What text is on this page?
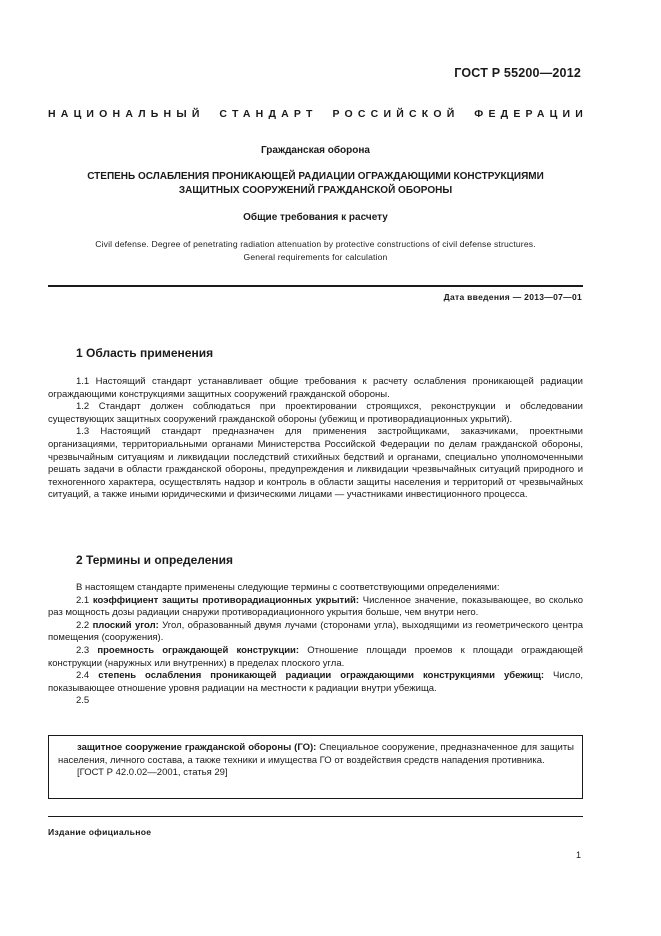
ГОСТ Р 55200—2012
НАЦИОНАЛЬНЫЙ СТАНДАРТ РОССИЙСКОЙ ФЕДЕРАЦИИ
Гражданская оборона
СТЕПЕНЬ ОСЛАБЛЕНИЯ ПРОНИКАЮЩЕЙ РАДИАЦИИ ОГРАЖДАЮЩИМИ КОНСТРУКЦИЯМИ
ЗАЩИТНЫХ СООРУЖЕНИЙ ГРАЖДАНСКОЙ ОБОРОНЫ
Общие требования к расчету
Civil defense. Degree of penetrating radiation attenuation by protective constructions of civil defense structures.
General requirements for calculation
Дата введения — 2013—07—01
1 Область применения

1.1 Настоящий стандарт устанавливает общие требования к расчету ослабления проникающей радиации ограждающими конструкциями защитных сооружений гражданской обороны.

1.2 Стандарт должен соблюдаться при проектировании строящихся, реконструкции и обследовании существующих защитных сооружений гражданской обороны (убежищ и противорадиационных укрытий).

1.3 Настоящий стандарт предназначен для применения застройщиками, заказчиками, проектными организациями, территориальными органами Министерства Российской Федерации по делам гражданской обороны, чрезвычайным ситуациям и ликвидации последствий стихийных бедствий и органами, специально уполномоченными решать задачи в области гражданской обороны, предупреждения и ликвидации чрезвычайных ситуаций природного и техногенного характера, осуществлять надзор и контроль в области защиты населения и территорий от чрезвычайных ситуаций, а также иными юридическими и физическими лицами — участниками инвестиционного процесса.

2 Термины и определения

В настоящем стандарте применены следующие термины с соответствующими определениями:

2.1 коэффициент защиты противорадиационных укрытий: Численное значение, показывающее, во сколько раз мощность дозы радиации снаружи противорадиационного укрытия больше, чем внутри него.

2.2 плоский угол: Угол, образованный двумя лучами (сторонами угла), выходящими из геометрического центра помещения (сооружения).

2.3 проемность ограждающей конструкции: Отношение площади проемов к площади ограждающей конструкции (наружных или внутренних) в пределах плоского угла.

2.4 степень ослабления проникающей радиации ограждающими конструкциями убежищ: Число, показывающее отношение уровня радиации на местности к радиации внутри убежища.

2.5

защитное сооружение гражданской обороны (ГО): Специальное сооружение, предназначенное для защиты населения, личного состава, а также техники и имущества ГО от воздействия средств нападения противника.

[ГОСТ Р 42.0.02—2001, статья 29]

Издание официальное
1
